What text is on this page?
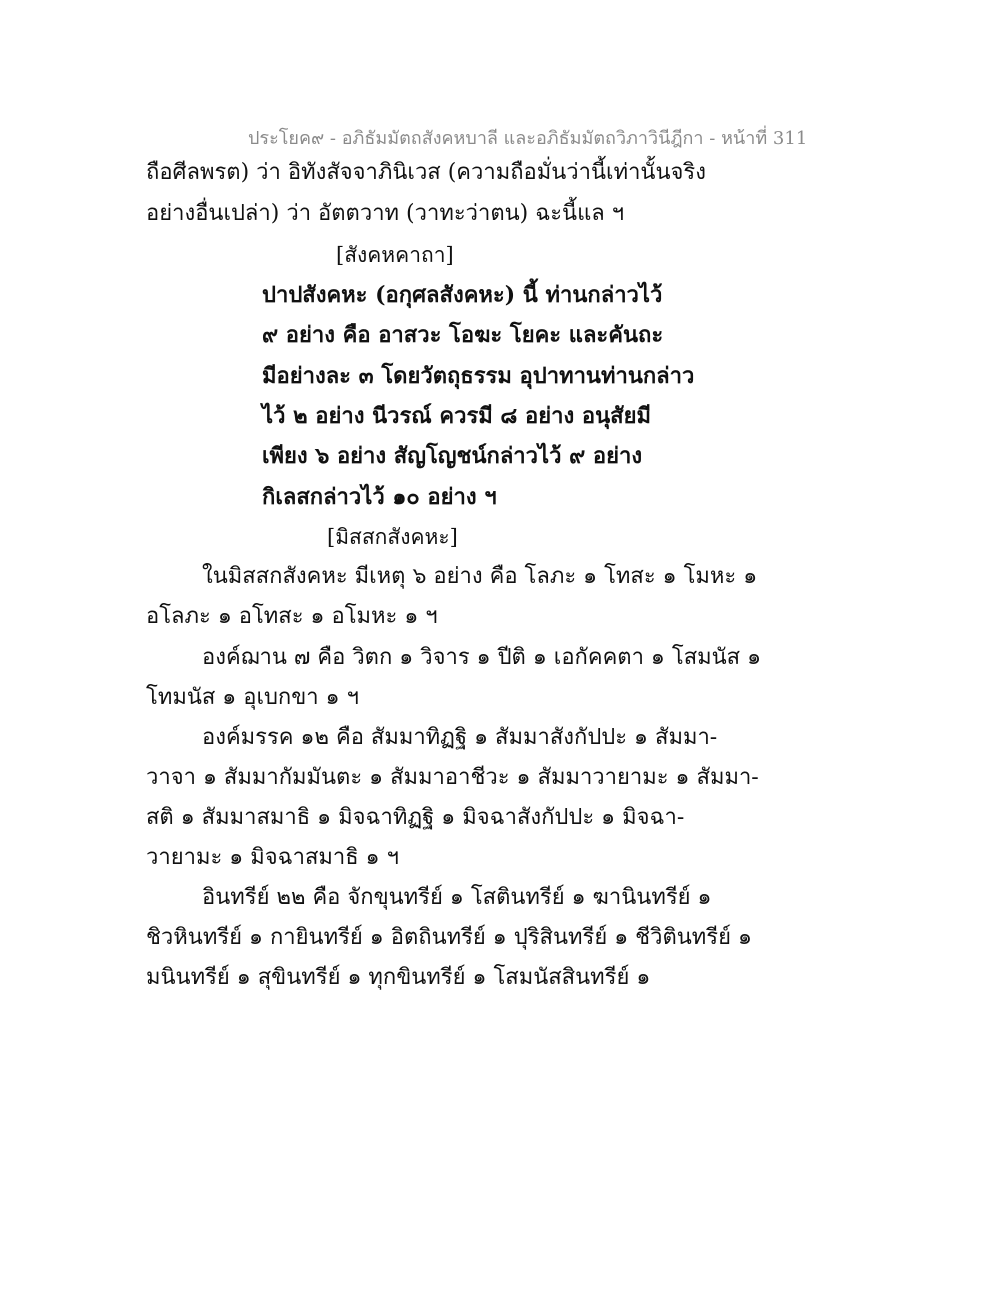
ประโยค๙ - อภิธัมมัตถสังคหบาลี และอภิธัมมัตถวิภาวินีฎีกา - หน้าที่ 311
ถือศีลพรต) ว่า อิทังสัจจาภินิเวส (ความถือมั่นว่านี้เท่านั้นจริง
อย่างอื่นเปล่า) ว่า อัตตวาท (วาทะว่าตน) ฉะนี้แล ฯ
[สังคหคาถา]
ปาปสังคหะ (อกุศลสังคหะ) นี้ ท่านกล่าวไว้
๙ อย่าง คือ อาสวะ โอฆะ โยคะ และคันถะ
มีอย่างละ ๓ โดยวัตถุธรรม อุปาทานท่านกล่าว
ไว้ ๒ อย่าง นีวรณ์ ควรมี ๘ อย่าง อนุสัยมี
เพียง ๖ อย่าง สัญโญชน์กล่าวไว้ ๙ อย่าง
กิเลสกล่าวไว้ ๑๐ อย่าง ฯ
[มิสสกสังคหะ]
ในมิสสกสังคหะ มีเหตุ ๖ อย่าง คือ โลภะ ๑ โทสะ ๑ โมหะ ๑
อโลภะ ๑ อโทสะ ๑ อโมหะ ๑ ฯ
องค์ฌาน ๗ คือ วิตก ๑ วิจาร ๑ ปีติ ๑ เอกัคคตา ๑ โสมนัส ๑
โทมนัส ๑ อุเบกขา ๑ ฯ
องค์มรรค ๑๒ คือ สัมมาทิฏฐิ ๑ สัมมาสังกัปปะ ๑ สัมมา-
วาจา ๑ สัมมากัมมันตะ ๑ สัมมาอาชีวะ ๑ สัมมาวายามะ ๑ สัมมา-
สติ ๑ สัมมาสมาธิ ๑ มิจฉาทิฏฐิ ๑ มิจฉาสังกัปปะ ๑ มิจฉา-
วายามะ ๑ มิจฉาสมาธิ ๑ ฯ
อินทรีย์ ๒๒ คือ จักขุนทรีย์ ๑ โสตินทรีย์ ๑ ฆานินทรีย์ ๑
ชิวหินทรีย์ ๑ กายินทรีย์ ๑ อิตถินทรีย์ ๑ ปุริสินทรีย์ ๑ ชีวิตินทรีย์ ๑
มนินทรีย์ ๑ สุขินทรีย์ ๑ ทุกขินทรีย์ ๑ โสมนัสสินทรีย์ ๑
